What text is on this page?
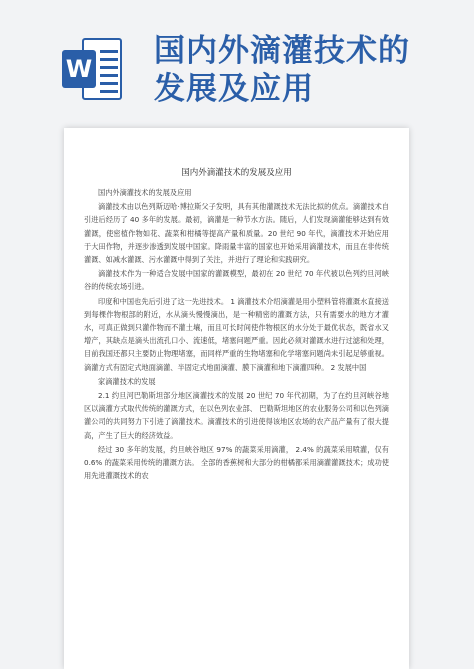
W 国内外滴灌技术的
发展及应用
国内外滴灌技术的发展及应用

国内外滴灌技术的发展及应用

滴灌技术由以色列斯迈哈·博拉斯父子发明，具有其他灌溉技术无法比拟的优点。滴灌技术自引进后经历了 40 多年的发展。最初，滴灌是一种节水方法。随后，人们发现滴灌能够达到有效灌溉，使密植作物如花、蔬菜和柑橘等提高产量和质量。20 世纪 90 年代，滴灌技术开始应用于大田作物，并逐步渗透到发展中国家。降雨量丰富的国家也开始采用滴灌技术，而且在非传统灌溉、如减水灌溉、污水灌溉中得到了关注，并进行了理论和实践研究。

滴灌技术作为一种适合发展中国家的灌溉模型，最初在 20 世纪 70 年代被以色列约旦河峡谷的传统农场引进。

印度和中国也先后引进了这一先进技术。 1 滴灌技术介绍滴灌是用小塑料管将灌溉水直接送到每棵作物根部的附近，水从滴头慢慢滴出，是一种精密的灌溉方法，只有需要水的地方才灌水，可真正做到只灌作物而不灌土壤，而且可长时间使作物根区的水分处于最优状态，既省水又增产，其缺点是滴头出流孔口小、流速低，堵塞问题严重。因此必须对灌溉水进行过滤和处理，目前我国还都只主要防止物理堵塞，而同样严重的生物堵塞和化学堵塞问题尚未引起足够重视。滴灌方式有固定式地面滴灌、半固定式地面滴灌、膜下滴灌和地下滴灌四种。 2 发展中国

家滴灌技术的发展

2.1 约旦河巴勒斯坦部分地区滴灌技术的发展 20 世纪 70 年代初期，为了在约旦河峡谷地区以滴灌方式取代传统的灌溉方式，在以色列农业部、 巴勒斯坦地区的农业服务公司和以色列滴灌公司的共同努力下引进了滴灌技术。滴灌技术的引进使得该地区农场的农产品产量有了很大提高，产生了巨大的经济效益。

经过 30 多年的发展，约旦峡谷地区 97% 的蔬菜采用滴灌， 2.4% 的蔬菜采用喷灌，仅有 0.6% 的蔬菜采用传统的灌溉方法。 全部的香蕉树和大部分的柑橘都采用滴灌灌溉技术；成功使用先进灌溉技术的农
